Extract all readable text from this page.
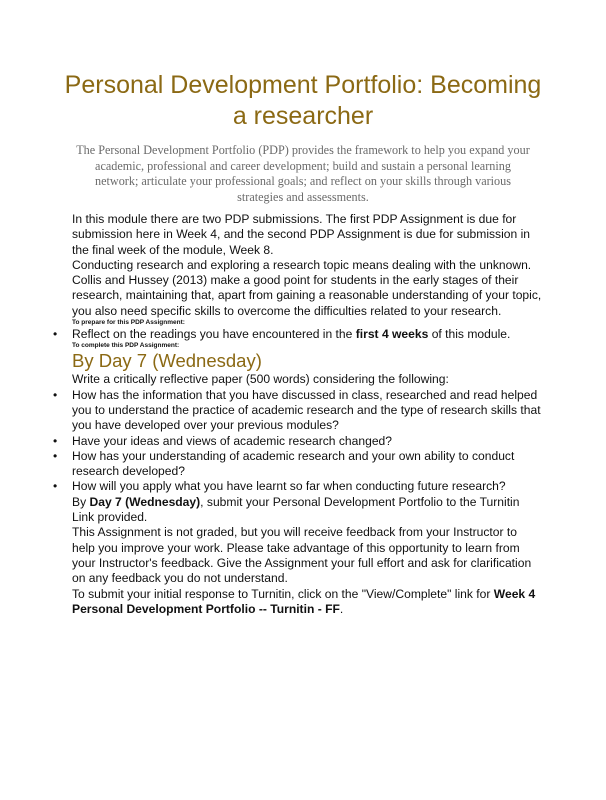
Personal Development Portfolio: Becoming a researcher

The Personal Development Portfolio (PDP) provides the framework to help you expand your academic, professional and career development; build and sustain a personal learning network; articulate your professional goals; and reflect on your skills through various strategies and assessments.

In this module there are two PDP submissions. The first PDP Assignment is due for submission here in Week 4, and the second PDP Assignment is due for submission in the final week of the module, Week 8.

Conducting research and exploring a research topic means dealing with the unknown. Collis and Hussey (2013) make a good point for students in the early stages of their research, maintaining that, apart from gaining a reasonable understanding of your topic, you also need specific skills to overcome the difficulties related to your research.

To prepare for this PDP Assignment:

•	Reflect on the readings you have encountered in the first 4 weeks of this module.

To complete this PDP Assignment:

By Day 7 (Wednesday)

Write a critically reflective paper (500 words) considering the following:

•	How has the information that you have discussed in class, researched and read helped you to understand the practice of academic research and the type of research skills that you have developed over your previous modules?
•	Have your ideas and views of academic research changed?
•	How has your understanding of academic research and your own ability to conduct research developed?
•	How will you apply what you have learnt so far when conducting future research?

By Day 7 (Wednesday), submit your Personal Development Portfolio to the Turnitin Link provided.

This Assignment is not graded, but you will receive feedback from your Instructor to help you improve your work. Please take advantage of this opportunity to learn from your Instructor's feedback. Give the Assignment your full effort and ask for clarification on any feedback you do not understand.

To submit your initial response to Turnitin, click on the "View/Complete" link for Week 4 Personal Development Portfolio -- Turnitin - FF.
